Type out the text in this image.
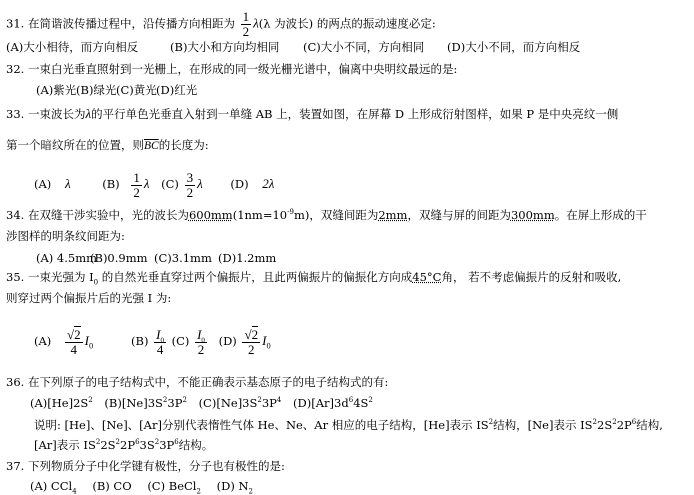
31. 在简谐波传播过程中，沿传播方向相距为 $\frac{1}{2} \lambda(\lambda$ 为波长) 的两点的振动速度必定:
(A)大小相待，而方向相反	(B)大小和方向均相同 (C)大小不同，方向相同 (D)大小不同，而方向相反
32. 一束白光垂直照射到一光栅上，在形成的同一级光栅光谱中，偏离中央明纹最远的是:
(A)紫光(B)绿光(C)黄光(D)红光
33. 一束波长为λ的平行单色光垂直入射到一单缝 AB 上，装置如图，在屏幕 D 上形成衍射图样，如果 P 是中央亮纹一侧
第一个暗纹所在的位置，则$\overline{BC}$的长度为:
(A) λ	$(B) \frac{1}{2}$ λ $(C) \frac{3}{2}$ λ (D) 2λ
34. 在双缝干涉实验中，光的波长为$600mm(1nm=10^{-9}m)$，双缝间距为2mm，双缝与屏的间距为300mm。在屏上形成的干
涉图样的明条纹间距为:
(A) 4.5mm(B)0.9mm (C)3.1mm (D)1.2mm
35. 一束光强为 $I_0$ 的自然光垂直穿过两个偏振片，且此两偏振片的偏振化方向成45°C角， 若不考虑偏振片的反射和吸收,
则穿过两个偏振片后的光强 I 为:
$(A) \frac{√2}{4} I_0$	$(B) \frac{I_0}{4} (C) \frac{I_0}{2} (D) \frac{√2}{2} I_0$
36. 在下列原子的电子结构式中，不能正确表示基态原子的电子结构式的有:
$(A)[He]2S^2$ $(B)[Ne]3S^23P^2$ $(C)[Ne]3S^23P^4$ $(D)[Ar]3d^64S^2$
说明: [He]、[Ne]、[Ar]分别代表惰性气体 He、Ne、Ar 相应的电子结构，[He]表示 $IS^2$结构，[Ne]表示 $IS^22S^22P^6$结构,
[Ar]表示 $IS^22S^22P^63S^23P^6$结构。
37. 下列物质分子中化学键有极性，分子也有极性的是:
(A) CCl$_4$ (B) CO (C) BeCl$_2$ (D) $N_2$
